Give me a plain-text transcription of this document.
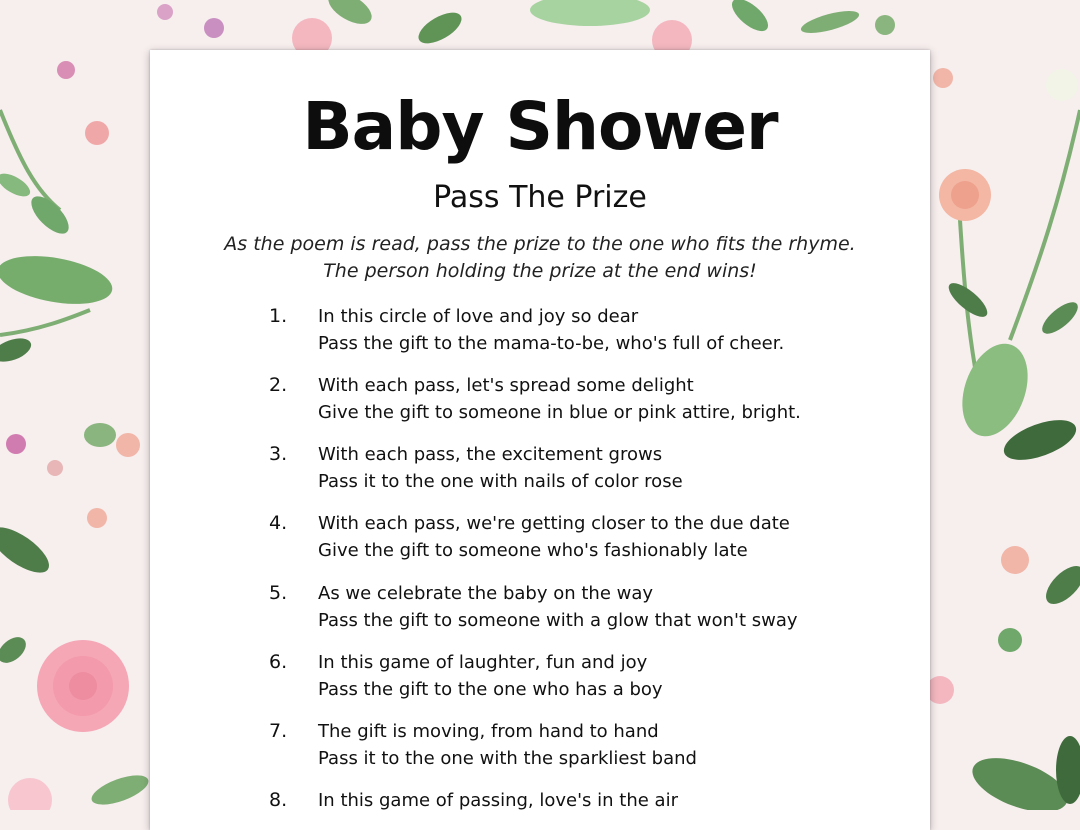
Baby Shower
Pass The Prize
As the poem is read, pass the prize to the one who fits the rhyme.
The person holding the prize at the end wins!
1.	In this circle of love and joy so dear
Pass the gift to the mama-to-be, who's full of cheer.
2.	With each pass, let's spread some delight
Give the gift to someone in blue or pink attire, bright.
3.	With each pass, the excitement grows
Pass it to the one with nails of color rose
4.	With each pass, we're getting closer to the due date
Give the gift to someone who's fashionably late
5.	As we celebrate the baby on the way
Pass the gift to someone with a glow that won't sway
6.	In this game of laughter, fun and joy
Pass the gift to the one who has a boy
7.	The gift is moving, from hand to hand
Pass it to the one with the sparkliest band
8.	In this game of passing, love's in the air
